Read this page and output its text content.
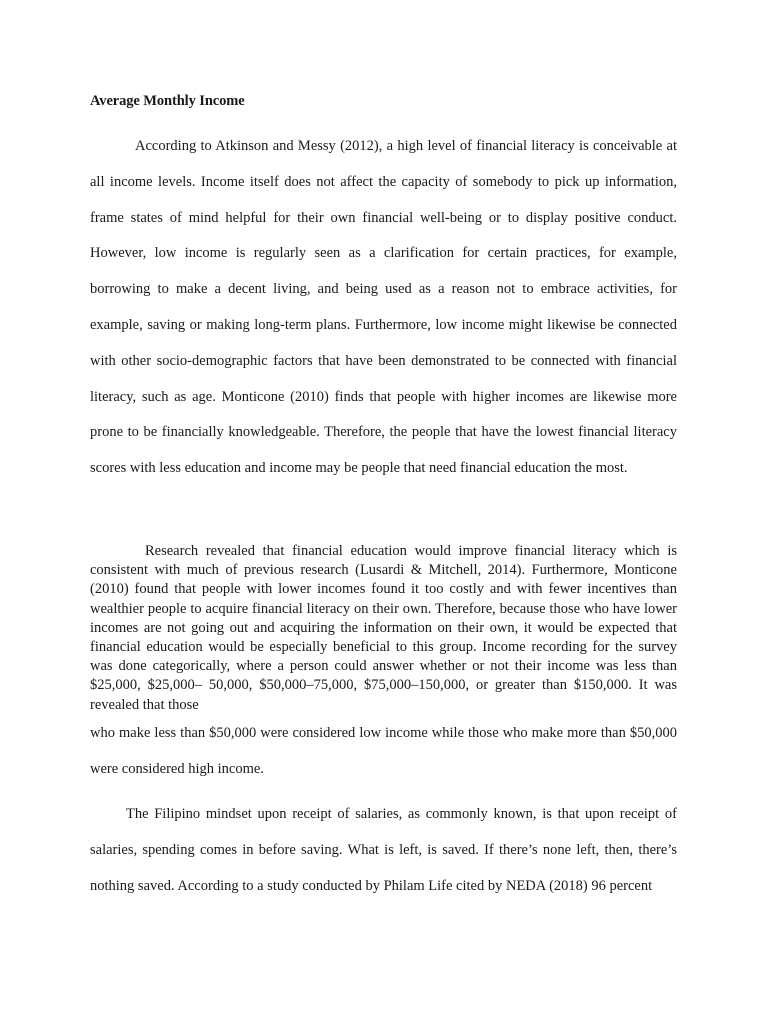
Average Monthly Income

According to Atkinson and Messy (2012), a high level of financial literacy is conceivable at all income levels. Income itself does not affect the capacity of somebody to pick up information, frame states of mind helpful for their own financial well-being or to display positive conduct. However, low income is regularly seen as a clarification for certain practices, for example, borrowing to make a decent living, and being used as a reason not to embrace activities, for example, saving or making long-term plans. Furthermore, low income might likewise be connected with other socio-demographic factors that have been demonstrated to be connected with financial literacy, such as age. Monticone (2010) finds that people with higher incomes are likewise more prone to be financially knowledgeable. Therefore, the people that have the lowest financial literacy scores with less education and income may be people that need financial education the most.

Research revealed that financial education would improve financial literacy which is consistent with much of previous research (Lusardi & Mitchell, 2014). Furthermore, Monticone (2010) found that people with lower incomes found it too costly and with fewer incentives than wealthier people to acquire financial literacy on their own. Therefore, because those who have lower incomes are not going out and acquiring the information on their own, it would be expected that financial education would be especially beneficial to this group. Income recording for the survey was done categorically, where a person could answer whether or not their income was less than $25,000, $25,000– 50,000, $50,000–75,000, $75,000–150,000, or greater than $150,000. It was revealed that those

who make less than $50,000 were considered low income while those who make more than $50,000 were considered high income.

The Filipino mindset upon receipt of salaries, as commonly known, is that upon receipt of salaries, spending comes in before saving. What is left, is saved. If there’s none left, then, there’s nothing saved. According to a study conducted by Philam Life cited by NEDA (2018) 96 percent
